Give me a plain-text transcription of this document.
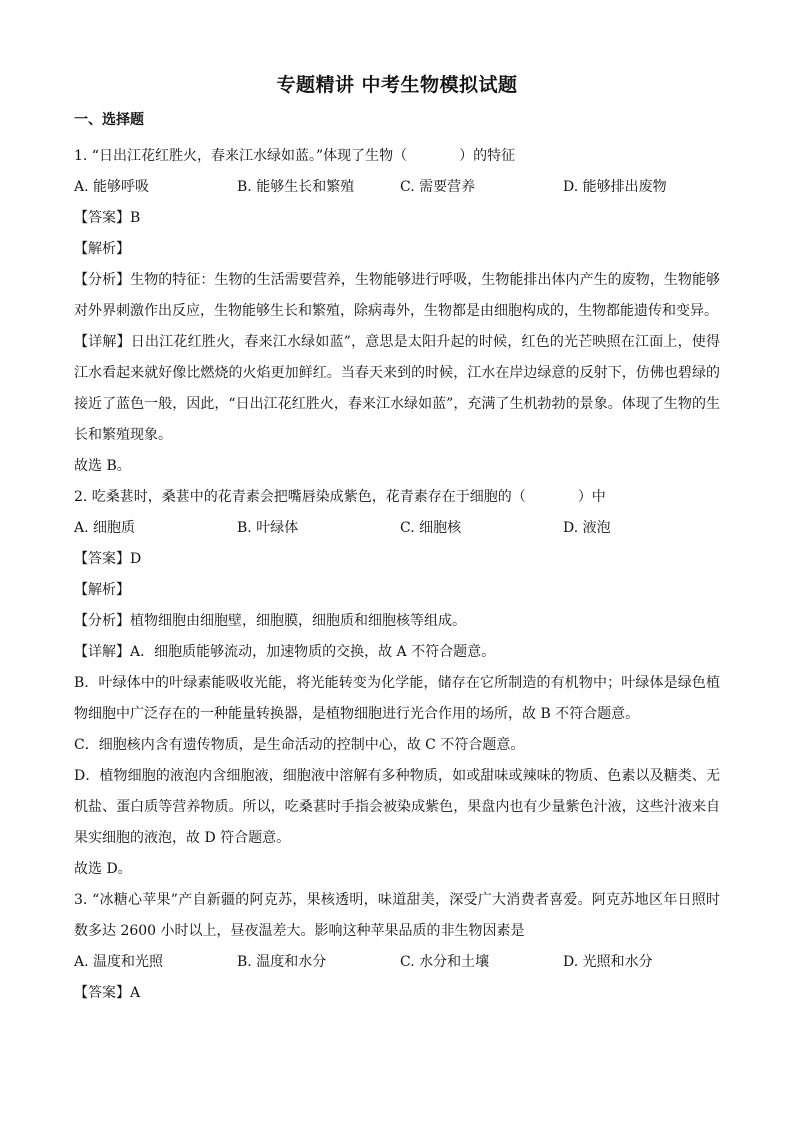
专题精讲 中考生物模拟试题
一、选择题
1. “日出江花红胜火，春来江水绿如蓝。”体现了生物（	）的特征
A. 能够呼吸	B. 能够生长和繁殖	C. 需要营养	D. 能够排出废物
【答案】B
【解析】
【分析】生物的特征：生物的生活需要营养，生物能够进行呼吸，生物能排出体内产生的废物，生物能够对外界刺激作出反应，生物能够生长和繁殖，除病毒外，生物都是由细胞构成的，生物都能遗传和变异。
【详解】日出江花红胜火，春来江水绿如蓝”，意思是太阳升起的时候，红色的光芒映照在江面上，使得江水看起来就好像比燃烧的火焰更加鲜红。当春天来到的时候，江水在岸边绿意的反射下，仿佛也碧绿的接近了蓝色一般，因此，“日出江花红胜火，春来江水绿如蓝”，充满了生机勃勃的景象。体现了生物的生长和繁殖现象。
故选 B。
2. 吃桑葚时，桑葚中的花青素会把嘴唇染成紫色，花青素存在于细胞的（	）中
A. 细胞质	B. 叶绿体	C. 细胞核	D. 液泡
【答案】D
【解析】
【分析】植物细胞由细胞壁，细胞膜，细胞质和细胞核等组成。
【详解】A．细胞质能够流动，加速物质的交换，故 A 不符合题意。
B．叶绿体中的叶绿素能吸收光能，将光能转变为化学能，储存在它所制造的有机物中；叶绿体是绿色植物细胞中广泛存在的一种能量转换器，是植物细胞进行光合作用的场所，故 B 不符合题意。
C．细胞核内含有遗传物质，是生命活动的控制中心，故 C 不符合题意。
D．植物细胞的液泡内含细胞液，细胞液中溶解有多种物质，如或甜味或辣味的物质、色素以及糖类、无机盐、蛋白质等营养物质。所以，吃桑葚时手指会被染成紫色，果盘内也有少量紫色汁液，这些汁液来自果实细胞的液泡，故 D 符合题意。
故选 D。
3. “冰糖心苹果”产自新疆的阿克苏，果核透明，味道甜美，深受广大消费者喜爱。阿克苏地区年日照时数多达 2600 小时以上，昼夜温差大。影响这种苹果品质的非生物因素是
A. 温度和光照	B. 温度和水分	C. 水分和土壤	D. 光照和水分
【答案】A
